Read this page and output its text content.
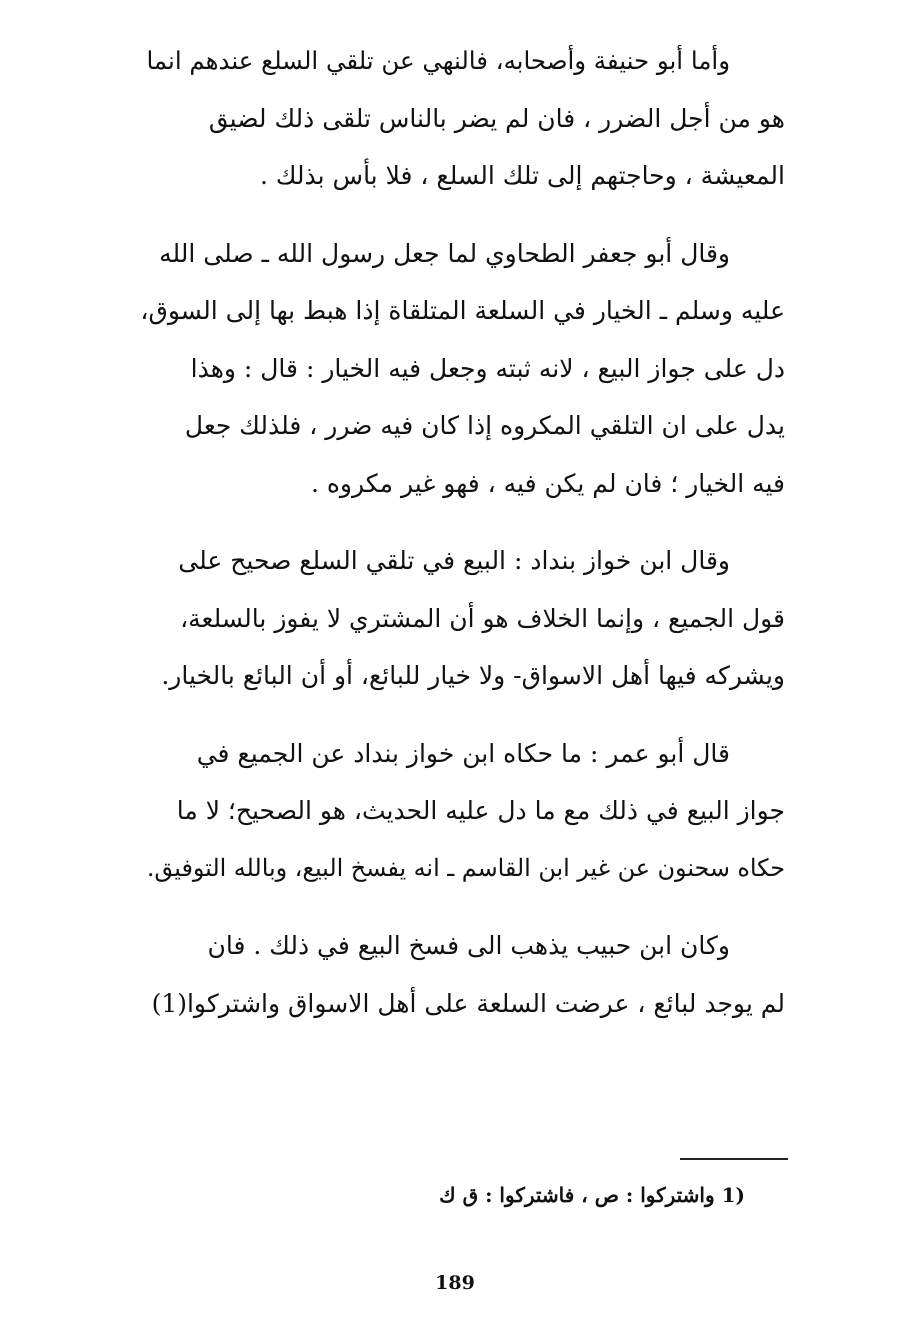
وأما أبو حنيفة وأصحابه، فالنهي عن تلقي السلع عندهم انما
هو من أجل الضرر ، فان لم يضر بالناس تلقى ذلك لضيق
المعيشة ، وحاجتهم إلى تلك السلع ، فلا بأس بذلك .
وقال أبو جعفر الطحاوي لما جعل رسول الله ـ صلى الله
عليه وسلم ـ الخيار في السلعة المتلقاة إذا هبط بها إلى السوق،
دل على جواز البيع ، لانه ثبته وجعل فيه الخيار : قال : وهذا
يدل على ان التلقي المكروه إذا كان فيه ضرر ، فلذلك جعل
فيه الخيار ؛ فان لم يكن فيه ، فهو غير مكروه .
وقال ابن خواز بنداد : البيع في تلقي السلع صحيح على
قول الجميع ، وإنما الخلاف هو أن المشتري لا يفوز بالسلعة،
ويشركه فيها أهل الاسواق- ولا خيار للبائع، أو أن البائع بالخيار.
قال أبو عمر : ما حكاه ابن خواز بنداد عن الجميع في
جواز البيع في ذلك مع ما دل عليه الحديث، هو الصحيح؛ لا ما
حكاه سحنون عن غير ابن القاسم ـ انه يفسخ البيع، وبالله التوفيق.
وكان ابن حبيب يذهب الى فسخ البيع في ذلك . فان
لم يوجد لبائع ، عرضت السلعة على أهل الاسواق واشتركوا(1)
(1 واشتركوا : ص ، فاشتركوا : ق ك
189
